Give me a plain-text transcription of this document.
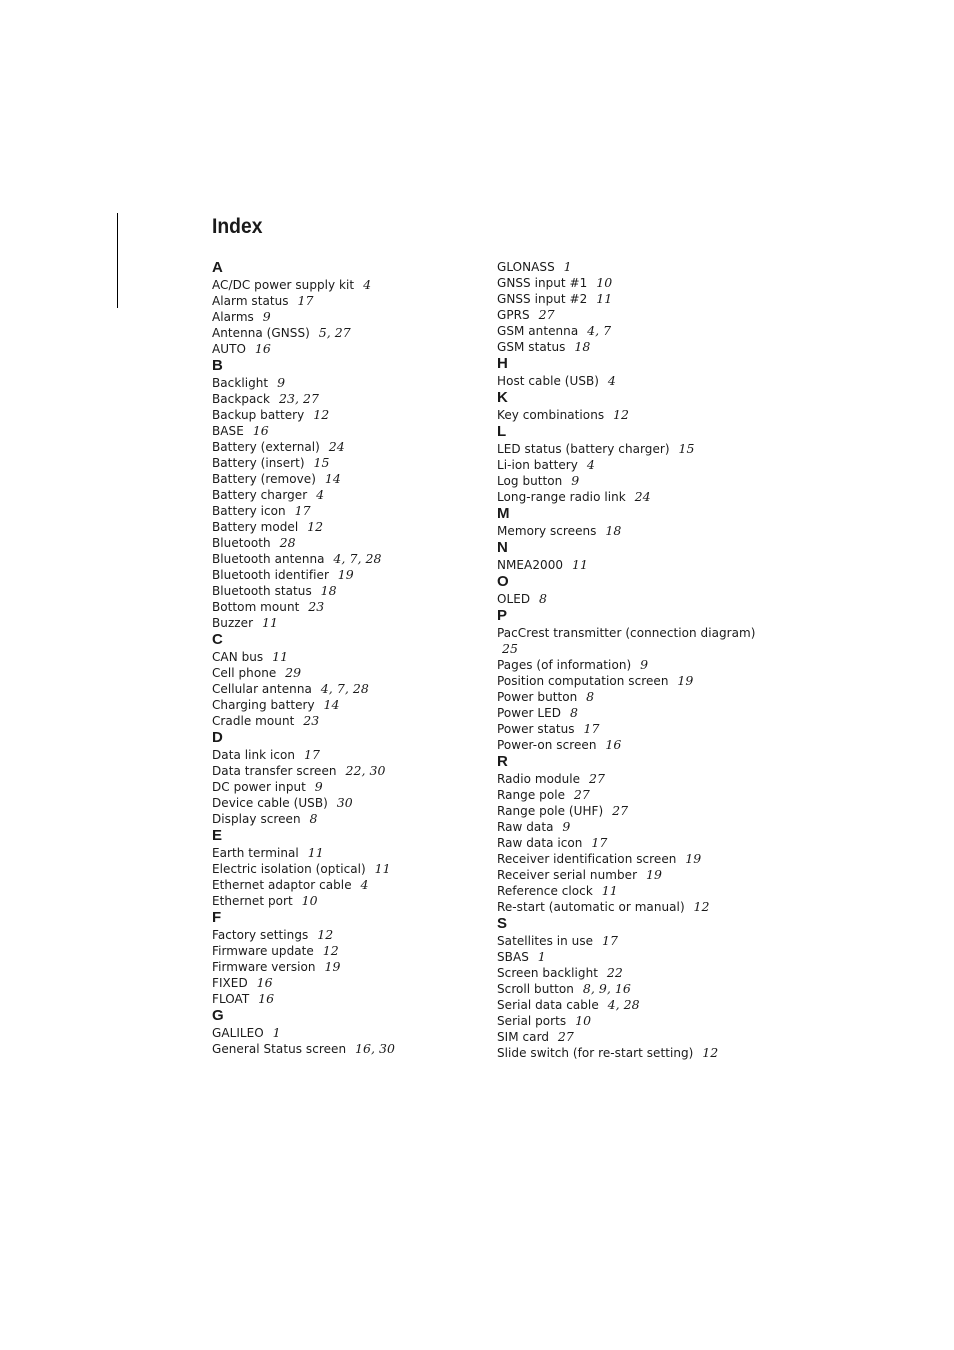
Index
A
AC/DC power supply kit 4
Alarm status 17
Alarms 9
Antenna (GNSS) 5, 27
AUTO 16
B
Backlight 9
Backpack 23, 27
Backup battery 12
BASE 16
Battery (external) 24
Battery (insert) 15
Battery (remove) 14
Battery charger 4
Battery icon 17
Battery model 12
Bluetooth 28
Bluetooth antenna 4, 7, 28
Bluetooth identifier 19
Bluetooth status 18
Bottom mount 23
Buzzer 11
C
CAN bus 11
Cell phone 29
Cellular antenna 4, 7, 28
Charging battery 14
Cradle mount 23
D
Data link icon 17
Data transfer screen 22, 30
DC power input 9
Device cable (USB) 30
Display screen 8
E
Earth terminal 11
Electric isolation (optical) 11
Ethernet adaptor cable 4
Ethernet port 10
F
Factory settings 12
Firmware update 12
Firmware version 19
FIXED 16
FLOAT 16
G
GALILEO 1
General Status screen 16, 30
GLONASS 1
GNSS input #1 10
GNSS input #2 11
GPRS 27
GSM antenna 4, 7
GSM status 18
H
Host cable (USB) 4
K
Key combinations 12
L
LED status (battery charger) 15
Li-ion battery 4
Log button 9
Long-range radio link 24
M
Memory screens 18
N
NMEA2000 11
O
OLED 8
P
PacCrest transmitter (connection diagram) 25
Pages (of information) 9
Position computation screen 19
Power button 8
Power LED 8
Power status 17
Power-on screen 16
R
Radio module 27
Range pole 27
Range pole (UHF) 27
Raw data 9
Raw data icon 17
Receiver identification screen 19
Receiver serial number 19
Reference clock 11
Re-start (automatic or manual) 12
S
Satellites in use 17
SBAS 1
Screen backlight 22
Scroll button 8, 9, 16
Serial data cable 4, 28
Serial ports 10
SIM card 27
Slide switch (for re-start setting) 12
